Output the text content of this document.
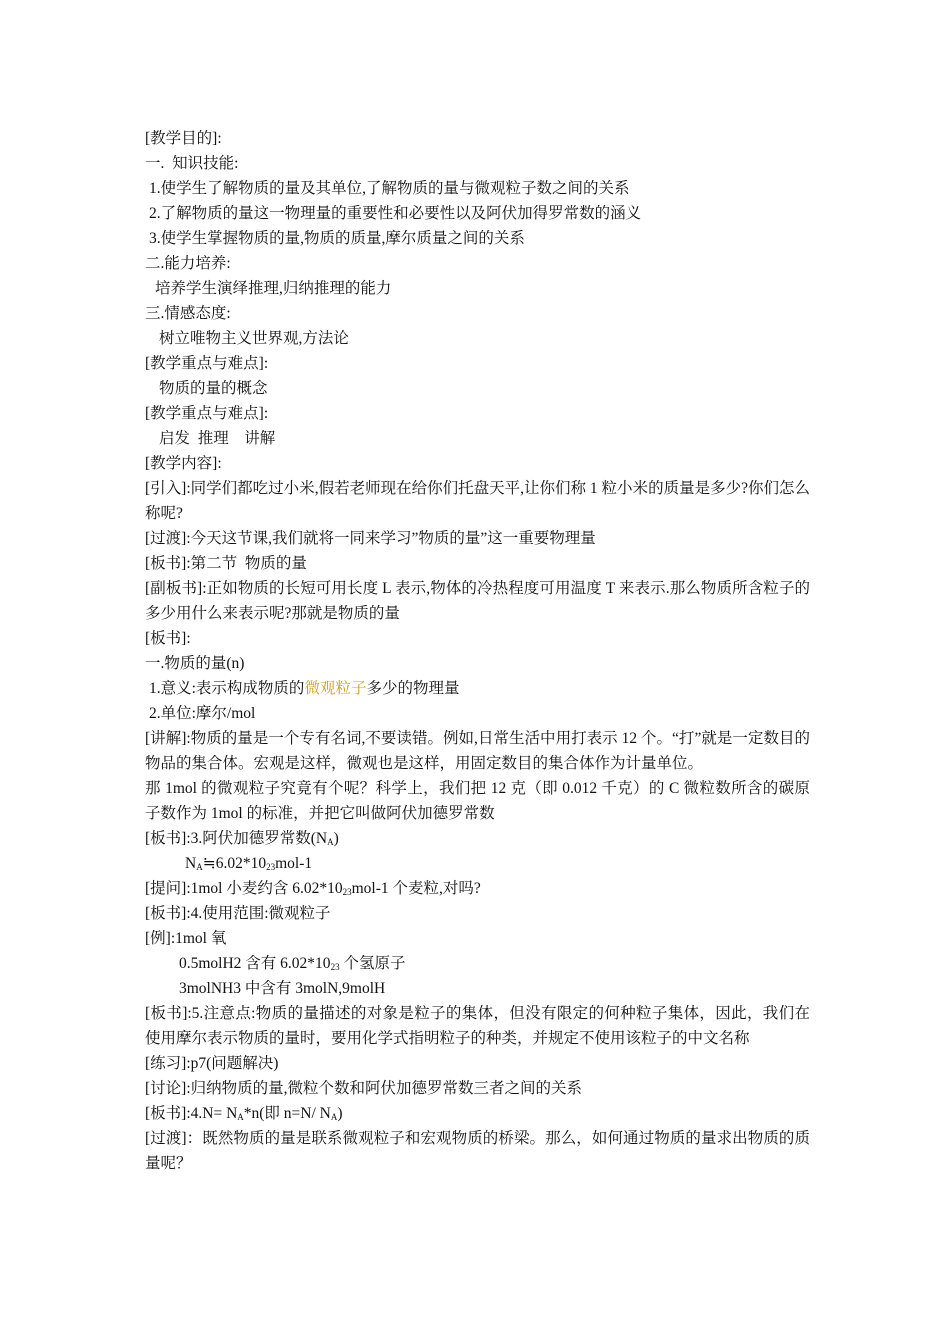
[教学目的]:
一.  知识技能:
1.使学生了解物质的量及其单位,了解物质的量与微观粒子数之间的关系
2.了解物质的量这一物理量的重要性和必要性以及阿伏加得罗常数的涵义
3.使学生掌握物质的量,物质的质量,摩尔质量之间的关系
二.能力培养:
培养学生演绎推理,归纳推理的能力
三.情感态度:
树立唯物主义世界观,方法论
[教学重点与难点]:
物质的量的概念
[教学重点与难点]:
启发  推理    讲解
[教学内容]:
[引入]:同学们都吃过小米,假若老师现在给你们托盘天平,让你们称 1 粒小米的质量是多少?你们怎么称呢?
[过渡]:今天这节课,我们就将一同来学习”物质的量”这一重要物理量
[板书]:第二节  物质的量
[副板书]:正如物质的长短可用长度 L 表示,物体的冷热程度可用温度 T 来表示.那么物质所含粒子的多少用什么来表示呢?那就是物质的量
[板书]:
一.物质的量(n)
1.意义:表示构成物质的微观粒子多少的物理量
2.单位:摩尔/mol
[讲解]:物质的量是一个专有名词,不要读错。例如,日常生活中用打表示 12 个。“打”就是一定数目的物品的集合体。宏观是这样，微观也是这样，用固定数目的集合体作为计量单位。
那 1mol 的微观粒子究竟有个呢？科学上，我们把 12 克（即 0.012 千克）的 C 微粒数所含的碳原子数作为 1mol 的标准，并把它叫做阿伏加德罗常数
[板书]:3.阿伏加德罗常数$(N_A)$
$N_A≒6.02*10^{23}mol-1$
[提问]:1mol 小麦约含 $6.02*10^{23}mol-1$ 个麦粒,对吗?
[板书]:4.使用范围:微观粒子
[例]:1mol 氧
0.5molH2 含有 $6.02*10^{23}$ 个氢原子
3molNH3 中含有 3molN,9molH
[板书]:5.注意点:物质的量描述的对象是粒子的集体，但没有限定的何种粒子集体，因此，我们在使用摩尔表示物质的量时，要用化学式指明粒子的种类，并规定不使用该粒子的中文名称
[练习]:p7(问题解决)
[讨论]:归纳物质的量,微粒个数和阿伏加德罗常数三者之间的关系
[板书]:4.N= $N_A*n$(即 n=N/ $N_A$)
[过渡]：既然物质的量是联系微观粒子和宏观物质的桥梁。那么，如何通过物质的量求出物质的质量呢？
